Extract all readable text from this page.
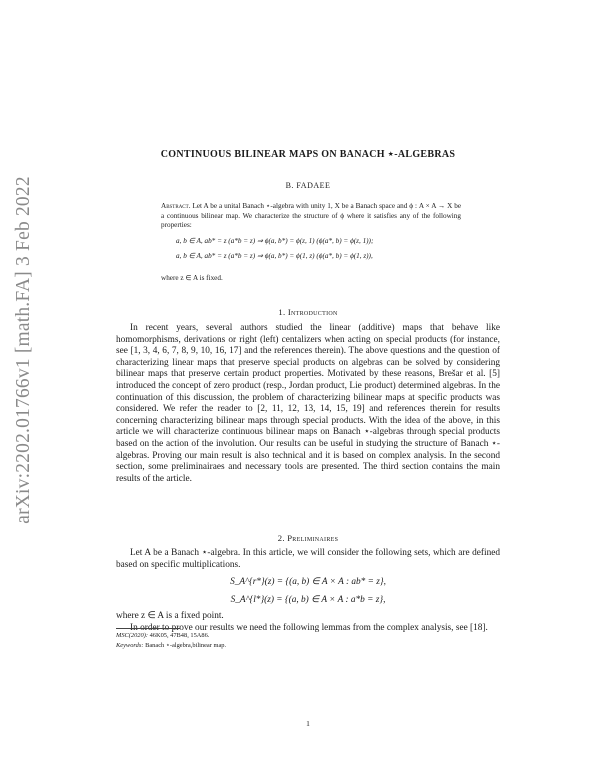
arXiv:2202.01766v1 [math.FA] 3 Feb 2022
CONTINUOUS BILINEAR MAPS ON BANACH ⋆-ALGEBRAS
B. FADAEE

Abstract. Let A be a unital Banach ⋆-algebra with unity 1, X be a Banach space and ϕ : A × A → X be a continuous bilinear map. We characterize the structure of ϕ where it satisfies any of the following properties:

a, b ∈ A, ab* = z (a*b = z) ⇒ ϕ(a, b*) = ϕ(z, 1) (ϕ(a*, b) = ϕ(z, 1));
a, b ∈ A, ab* = z (a*b = z) ⇒ ϕ(a, b*) = ϕ(1, z) (ϕ(a*, b) = ϕ(1, z)),
where z ∈ A is fixed.
1. Introduction

In recent years, several authors studied the linear (additive) maps that behave like homomorphisms, derivations or right (left) centalizers when acting on special products (for instance, see [1, 3, 4, 6, 7, 8, 9, 10, 16, 17] and the references therein). The above questions and the question of characterizing linear maps that preserve special products on algebras can be solved by considering bilinear maps that preserve certain product properties. Motivated by these reasons, Brešar et al. [5] introduced the concept of zero product (resp., Jordan product, Lie product) determined algebras. In the continuation of this discussion, the problem of characterizing bilinear maps at specific products was considered. We refer the reader to [2, 11, 12, 13, 14, 15, 19] and references therein for results concerning characterizing bilinear maps through special products. With the idea of the above, in this article we will characterize continuous bilinear maps on Banach ⋆-algebras through special products based on the action of the involution. Our results can be useful in studying the structure of Banach ⋆-algebras. Proving our main result is also technical and it is based on complex analysis. In the second section, some preliminairaes and necessary tools are presented. The third section contains the main results of the article.

2. Preliminaires

Let A be a Banach ⋆-algebra. In this article, we will consider the following sets, which are defined based on specific multiplications.

S_A^{r*}(z) = {(a, b) ∈ A × A : ab* = z},
S_A^{l*}(z) = {(a, b) ∈ A × A : a*b = z},

where z ∈ A is a fixed point.

In order to prove our results we need the following lemmas from the complex analysis, see [18].

MSC(2020): 46K05, 47B48, 15A86.
Keywords: Banach ⋆-algebra,bilinear map.
1
